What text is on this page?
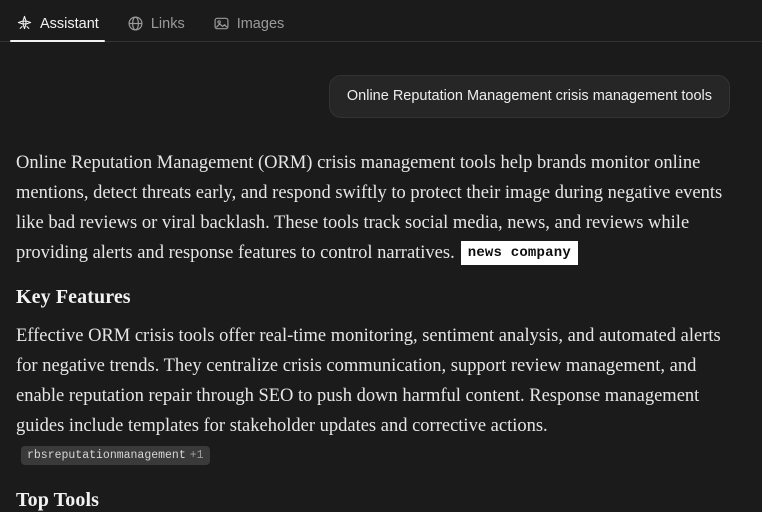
Assistant	Links	Images
Online Reputation Management crisis management tools

Online Reputation Management (ORM) crisis management tools help brands monitor online mentions, detect threats early, and respond swiftly to protect their image during negative events like bad reviews or viral backlash. These tools track social media, news, and reviews while providing alerts and response features to control narratives. news company

Key Features

Effective ORM crisis tools offer real-time monitoring, sentiment analysis, and automated alerts for negative trends. They centralize crisis communication, support review management, and enable reputation repair through SEO to push down harmful content. Response management guides include templates for stakeholder updates and corrective actions.rbsreputationmanagement +1

Top Tools
